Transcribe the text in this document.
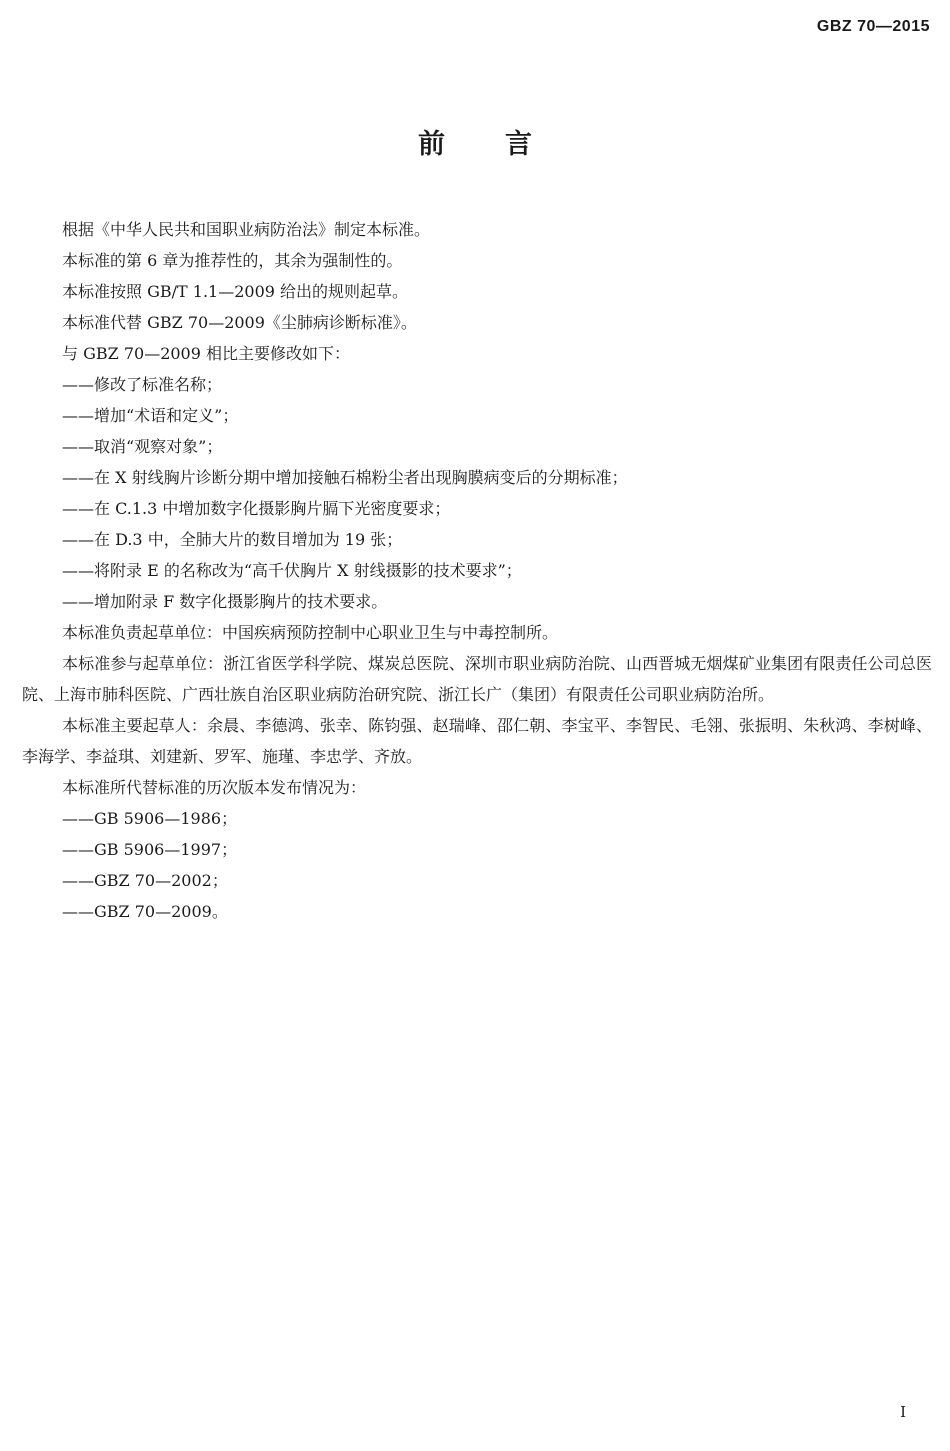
GBZ 70—2015
前言

根据《中华人民共和国职业病防治法》制定本标准。

本标准的第 6 章为推荐性的，其余为强制性的。

本标准按照 GB/T 1.1—2009 给出的规则起草。

本标准代替 GBZ 70—2009《尘肺病诊断标准》。

与 GBZ 70—2009 相比主要修改如下：

——修改了标准名称；

——增加“术语和定义”；

——取消“观察对象”；

——在 X 射线胸片诊断分期中增加接触石棉粉尘者出现胸膜病变后的分期标准；

——在 C.1.3 中增加数字化摄影胸片膈下光密度要求；

——在 D.3 中，全肺大片的数目增加为 19 张；

——将附录 E 的名称改为“高千伏胸片 X 射线摄影的技术要求”；

——增加附录 F 数字化摄影胸片的技术要求。

本标准负责起草单位：中国疾病预防控制中心职业卫生与中毒控制所。

本标准参与起草单位：浙江省医学科学院、煤炭总医院、深圳市职业病防治院、山西晋城无烟煤矿业集团有限责任公司总医院、上海市肺科医院、广西壮族自治区职业病防治研究院、浙江长广（集团）有限责任公司职业病防治所。

本标准主要起草人：余晨、李德鸿、张幸、陈钧强、赵瑞峰、邵仁朝、李宝平、李智民、毛翎、张振明、朱秋鸿、李树峰、李海学、李益琪、刘建新、罗军、施瑾、李忠学、齐放。

本标准所代替标准的历次版本发布情况为：

——GB 5906—1986；

——GB 5906—1997；

——GBZ 70—2002；

——GBZ 70—2009。

I
